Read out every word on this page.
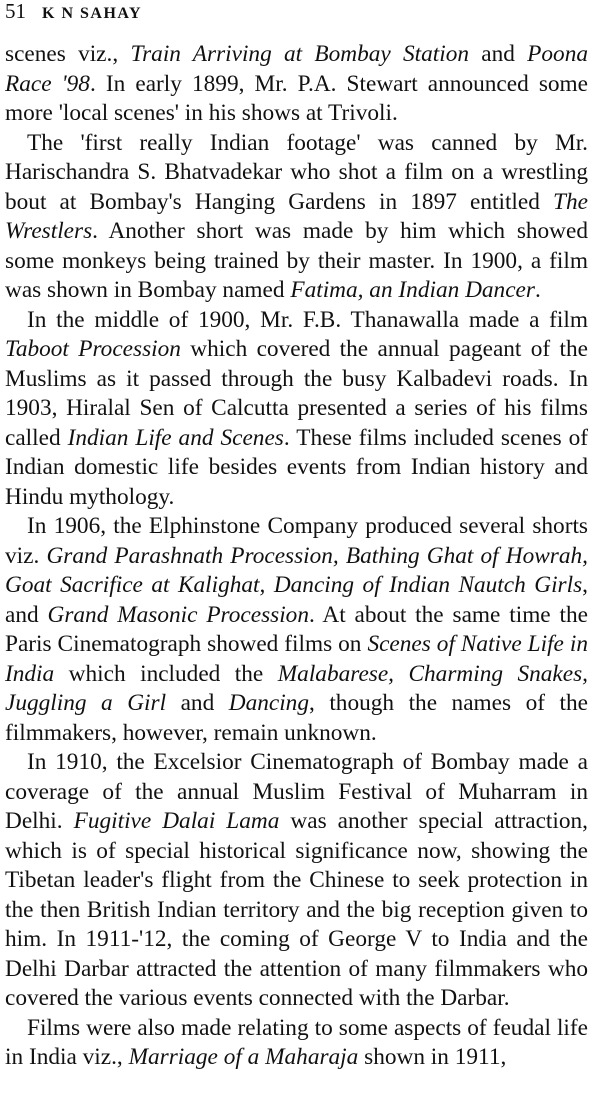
51 K N SAHAY

scenes viz., Train Arriving at Bombay Station and Poona Race '98. In early 1899, Mr. P.A. Stewart announced some more 'local scenes' in his shows at Trivoli.

The 'first really Indian footage' was canned by Mr. Harischandra S. Bhatvadekar who shot a film on a wrestling bout at Bombay's Hanging Gardens in 1897 entitled The Wrestlers. Another short was made by him which showed some monkeys being trained by their master. In 1900, a film was shown in Bombay named Fatima, an Indian Dancer.

In the middle of 1900, Mr. F.B. Thanawalla made a film Taboot Procession which covered the annual pageant of the Muslims as it passed through the busy Kalbadevi roads. In 1903, Hiralal Sen of Calcutta presented a series of his films called Indian Life and Scenes. These films included scenes of Indian domestic life besides events from Indian history and Hindu mythology.

In 1906, the Elphinstone Company produced several shorts viz. Grand Parashnath Procession, Bathing Ghat of Howrah, Goat Sacrifice at Kalighat, Dancing of Indian Nautch Girls, and Grand Masonic Procession. At about the same time the Paris Cinematograph showed films on Scenes of Native Life in India which included the Malabarese, Charming Snakes, Juggling a Girl and Dancing, though the names of the filmmakers, however, remain unknown.

In 1910, the Excelsior Cinematograph of Bombay made a coverage of the annual Muslim Festival of Muharram in Delhi. Fugitive Dalai Lama was another special attraction, which is of special historical significance now, showing the Tibetan leader's flight from the Chinese to seek protection in the then British Indian territory and the big reception given to him. In 1911-'12, the coming of George V to India and the Delhi Darbar attracted the attention of many filmmakers who covered the various events connected with the Darbar.

Films were also made relating to some aspects of feudal life in India viz., Marriage of a Maharaja shown in 1911,
